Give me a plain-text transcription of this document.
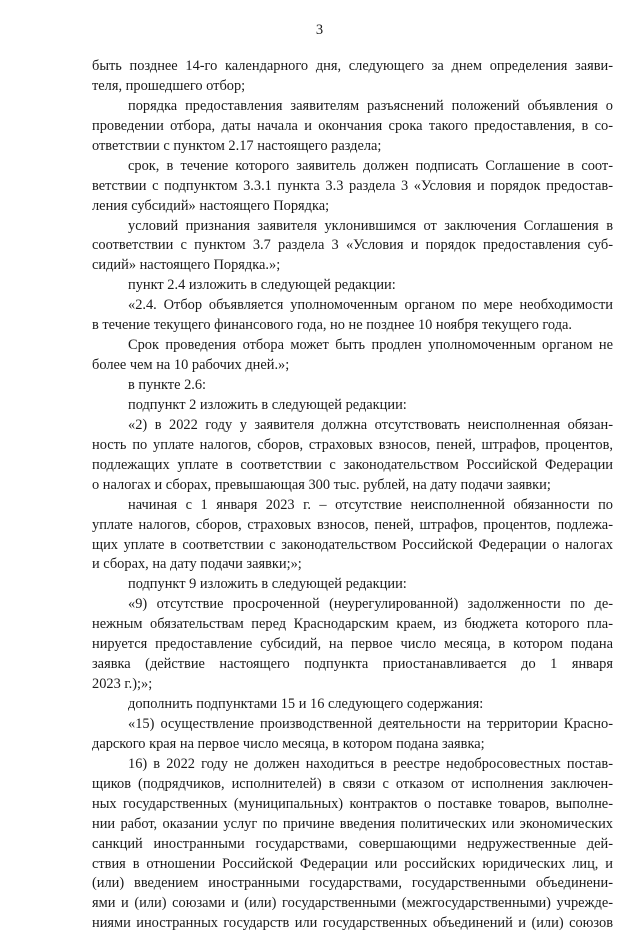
3
быть позднее 14-го календарного дня, следующего за днем определения заяви-
теля, прошедшего отбор;
порядка предоставления заявителям разъяснений положений объявления о
проведении отбора, даты начала и окончания срока такого предоставления, в со-
ответствии с пунктом 2.17 настоящего раздела;
срок, в течение которого заявитель должен подписать Соглашение в соот-
ветствии с подпунктом 3.3.1 пункта 3.3 раздела 3 «Условия и порядок предостав-
ления субсидий» настоящего Порядка;
условий признания заявителя уклонившимся от заключения Соглашения в
соответствии с пунктом 3.7 раздела 3 «Условия и порядок предоставления суб-
сидий» настоящего Порядка.»;
пункт 2.4 изложить в следующей редакции:
«2.4. Отбор объявляется уполномоченным органом по мере необходимости
в течение текущего финансового года, но не позднее 10 ноября текущего года.
Срок проведения отбора может быть продлен уполномоченным органом не
более чем на 10 рабочих дней.»;
в пункте 2.6:
подпункт 2 изложить в следующей редакции:
«2) в 2022 году у заявителя должна отсутствовать неисполненная обязан-
ность по уплате налогов, сборов, страховых взносов, пеней, штрафов, процентов,
подлежащих уплате в соответствии с законодательством Российской Федерации
о налогах и сборах, превышающая 300 тыс. рублей, на дату подачи заявки;
начиная с 1 января 2023 г. – отсутствие неисполненной обязанности по
уплате налогов, сборов, страховых взносов, пеней, штрафов, процентов, подлежа-
щих уплате в соответствии с законодательством Российской Федерации о налогах
и сборах, на дату подачи заявки;»;
подпункт 9 изложить в следующей редакции:
«9) отсутствие просроченной (неурегулированной) задолженности по де-
нежным обязательствам перед Краснодарским краем, из бюджета которого пла-
нируется предоставление субсидий, на первое число месяца, в котором подана
заявка (действие настоящего подпункта приостанавливается до 1 января
2023 г.);»;
дополнить подпунктами 15 и 16 следующего содержания:
«15) осуществление производственной деятельности на территории Красно-
дарского края на первое число месяца, в котором подана заявка;
16) в 2022 году не должен находиться в реестре недобросовестных постав-
щиков (подрядчиков, исполнителей) в связи с отказом от исполнения заключен-
ных государственных (муниципальных) контрактов о поставке товаров, выполне-
нии работ, оказании услуг по причине введения политических или экономических
санкций иностранными государствами, совершающими недружественные дей-
ствия в отношении Российской Федерации или российских юридических лиц, и
(или) введением иностранными государствами, государственными объединени-
ями и (или) союзами и (или) государственными (межгосударственными) учрежде-
ниями иностранных государств или государственных объединений и (или) союзов
